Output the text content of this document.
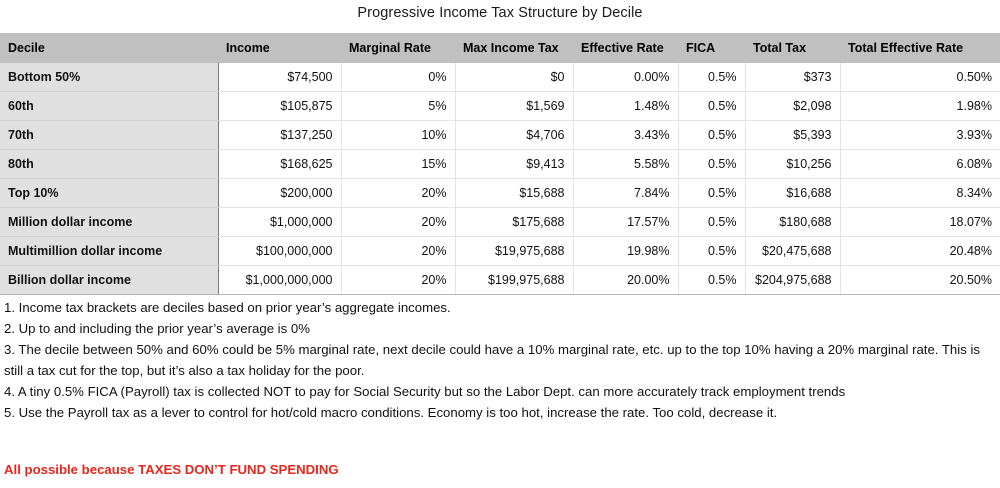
Progressive Income Tax Structure by Decile
Decile	Income	Marginal Rate	Max Income Tax	Effective Rate	FICA	Total Tax	Total Effective Rate
Bottom 50%	$74,500	0%	$0	0.00%	0.5%	$373	0.50%
60th	$105,875	5%	$1,569	1.48%	0.5%	$2,098	1.98%
70th	$137,250	10%	$4,706	3.43%	0.5%	$5,393	3.93%
80th	$168,625	15%	$9,413	5.58%	0.5%	$10,256	6.08%
Top 10%	$200,000	20%	$15,688	7.84%	0.5%	$16,688	8.34%
Million dollar income	$1,000,000	20%	$175,688	17.57%	0.5%	$180,688	18.07%
Multimillion dollar income	$100,000,000	20%	$19,975,688	19.98%	0.5%	$20,475,688	20.48%
Billion dollar income	$1,000,000,000	20%	$199,975,688	20.00%	0.5%	$204,975,688	20.50%

1. Income tax brackets are deciles based on prior year’s aggregate incomes.

2. Up to and including the prior year’s average is 0%

3. The decile between 50% and 60% could be 5% marginal rate, next decile could have a 10% marginal rate, etc. up to the top 10% having a 20% marginal rate. This is still a tax cut for the top, but it’s also a tax holiday for the poor.

4. A tiny 0.5% FICA (Payroll) tax is collected NOT to pay for Social Security but so the Labor Dept. can more accurately track employment trends

5. Use the Payroll tax as a lever to control for hot/cold macro conditions. Economy is too hot, increase the rate. Too cold, decrease it.

All possible because TAXES DON’T FUND SPENDING
